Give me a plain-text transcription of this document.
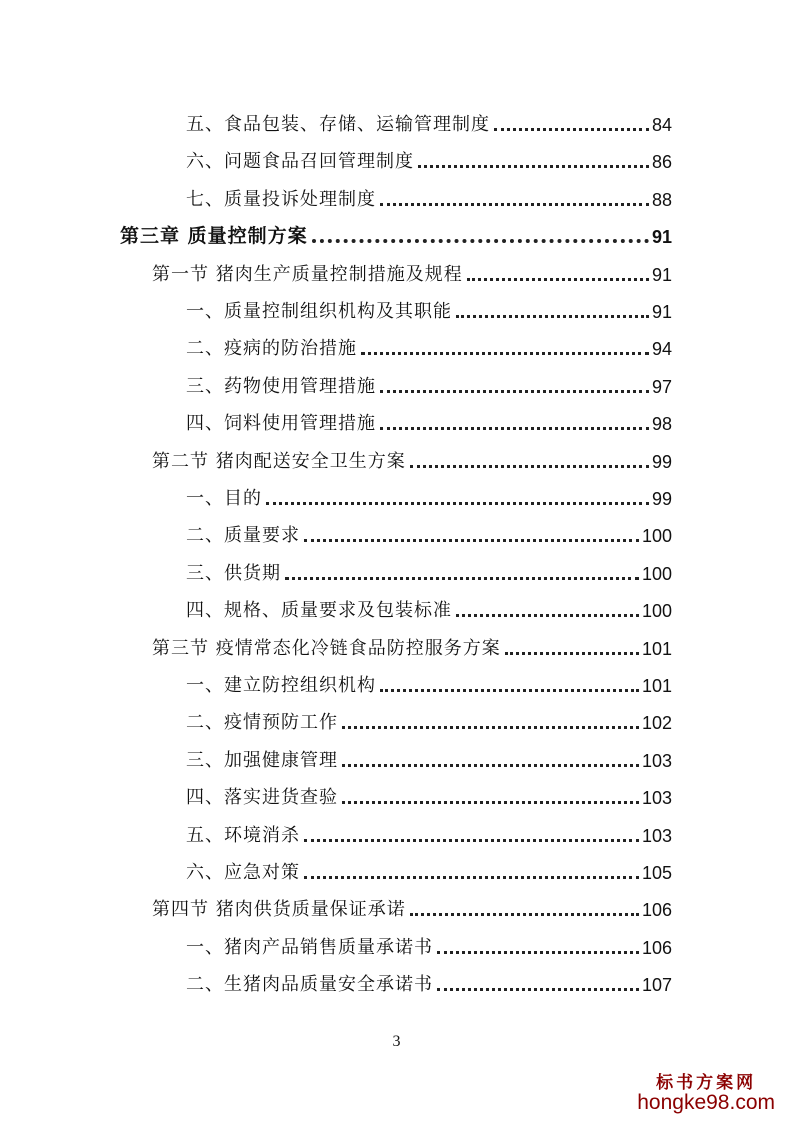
五、食品包装、存储、运输管理制度	84
六、问题食品召回管理制度	86
七、质量投诉处理制度	88
第三章 质量控制方案	91
第一节 猪肉生产质量控制措施及规程	91
一、质量控制组织机构及其职能	91
二、疫病的防治措施	94
三、药物使用管理措施	97
四、饲料使用管理措施	98
第二节 猪肉配送安全卫生方案	99
一、目的	99
二、质量要求	100
三、供货期	100
四、规格、质量要求及包装标准	100
第三节 疫情常态化冷链食品防控服务方案	101
一、建立防控组织机构	101
二、疫情预防工作	102
三、加强健康管理	103
四、落实进货查验	103
五、环境消杀	103
六、应急对策	105
第四节 猪肉供货质量保证承诺	106
一、猪肉产品销售质量承诺书	106
二、生猪肉品质量安全承诺书	107
3
标书方案网
hongke98.com
